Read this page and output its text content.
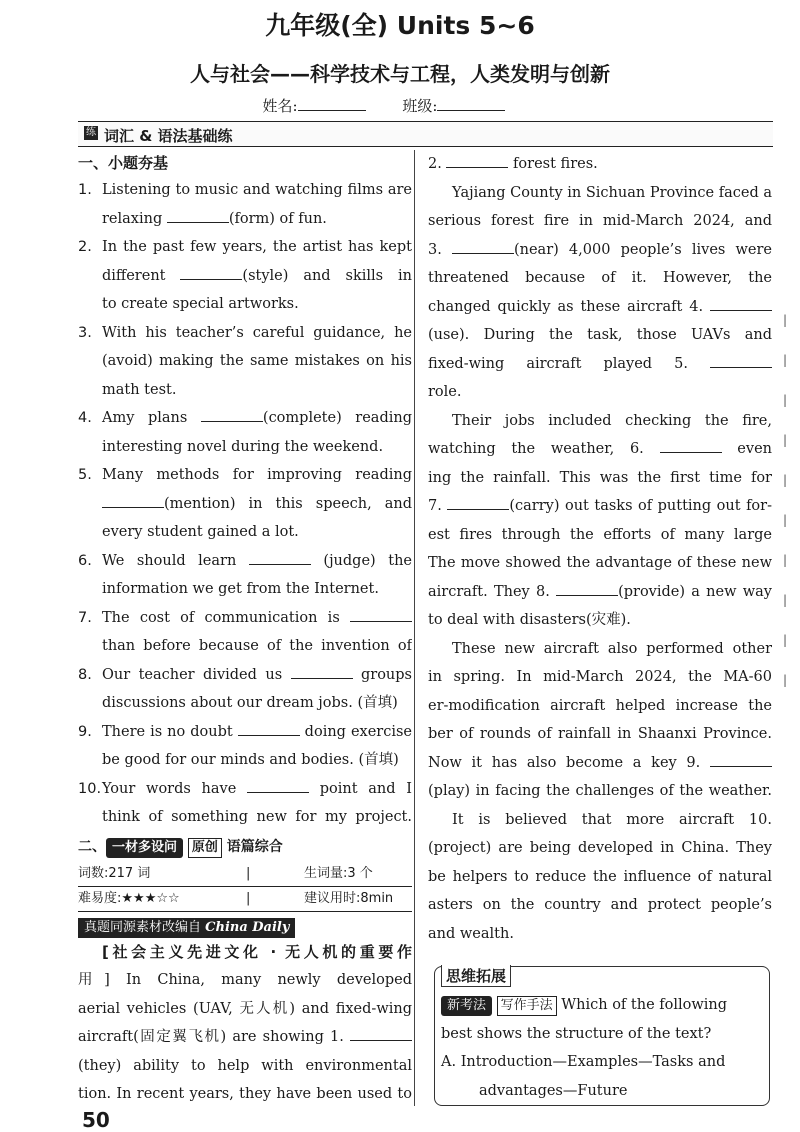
九年级(全) Units 5~6
人与社会——科学技术与工程，人类发明与创新
姓名:	班级:
练 词汇 & 语法基础练
一、小题夯基
1. Listening to music and watching films are
relaxing	(form) of fun.
2. In the past few years, the artist has kept
different	(style) and skills in
to create special artworks.
3. With his teacher’s careful guidance, he
(avoid) making the same mistakes on his
math test.
4. Amy plans	(complete) reading
interesting novel during the weekend.
5. Many methods for improving reading
(mention) in this speech, and
every student gained a lot.
6. We should learn	(judge) the
information we get from the Internet.
7. The cost of communication is
than before because of the invention of
8. Our teacher divided us	groups
discussions about our dream jobs. (首填)
9. There is no doubt	doing exercise
be good for our minds and bodies. (首填)
10.Your words have	point and I
think of something new for my project.
二、 一材多设问 原创 语篇综合
词数:217 词	|	生词量:3 个
难易度:★★★☆☆	|	建议用时:8min
真题同源素材改编自 China Daily
[社会主义先进文化 · 无人机的重要作
用] In China, many newly developed
aerial vehicles (UAV, 无人机) and fixed-wing
aircraft(固定翼飞机) are showing 1.
(they) ability to help with environmental
tion. In recent years, they have been used to
2.	forest fires.
Yajiang County in Sichuan Province faced a
serious forest fire in mid-March 2024, and
3.	(near) 4,000 people’s lives were
threatened because of it. However, the
changed quickly as these aircraft 4.
(use). During the task, those UAVs and
fixed-wing aircraft played 5.
role.
Their jobs included checking the fire,
watching the weather, 6.	even
ing the rainfall. This was the first time for
7.	(carry) out tasks of putting out for-
est fires through the efforts of many large
The move showed the advantage of these new
aircraft. They 8.	(provide) a new way
to deal with disasters(灾难).
These new aircraft also performed other
in spring. In mid-March 2024, the MA-60
er-modification aircraft helped increase the
ber of rounds of rainfall in Shaanxi Province.
Now it has also become a key 9.
(play) in facing the challenges of the weather.
It is believed that more aircraft 10.
(project) are being developed in China. They
be helpers to reduce the influence of natural
asters on the country and protect people’s
and wealth.
思维拓展
新考法 写作手法 Which of the following
best shows the structure of the text?
A. Introduction—Examples—Tasks and
advantages—Future
|
|
|
|
|
|
|
|
|
|
50
